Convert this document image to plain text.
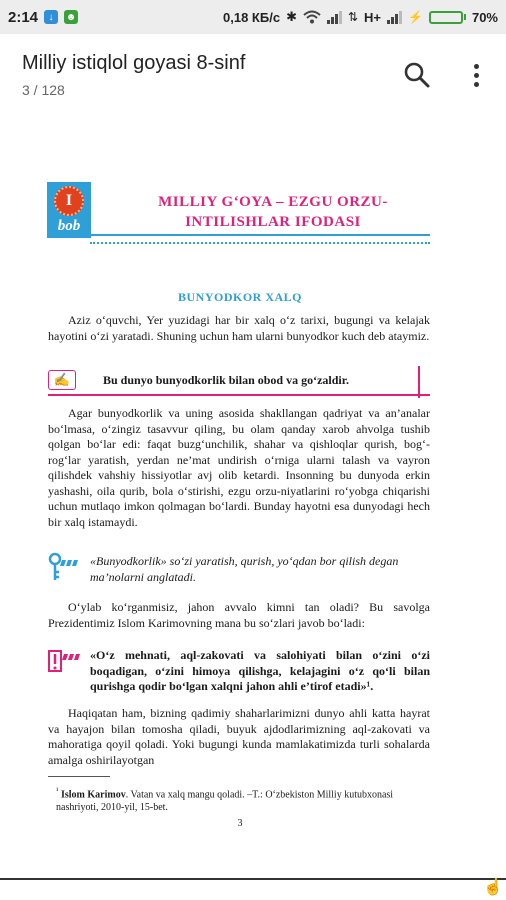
2:14	↓	☻	0,18 КБ/с ✱	⇅ H+ ⚡	70%
Milliy istiqlol goyasi 8-sinf
3 / 128
I
bob
MILLIY G‘OYA – EZGU ORZU-INTILISHLAR IFODASI
BUNYODKOR XALQ
Aziz o‘quvchi, Yer yuzidagi har bir xalq o‘z tarixi, bugungi va kelajak hayotini o‘zi yaratadi. Shuning uchun ham ularni bunyodkor kuch deb ataymiz.
✍	Bu dunyo bunyodkorlik bilan obod va go‘zaldir.
Agar bunyodkorlik va uning asosida shakllangan qadriyat va an’analar bo‘lmasa, o‘zingiz tasavvur qiling, bu olam qanday xarob ahvolga tushib qolgan bo‘lar edi: faqat buzg‘unchilik, shahar va qishloqlar qurish, bog‘-rog‘lar yaratish, yerdan ne’mat undirish o‘rniga ularni talash va vayron qilishdek vahshiy hissiyotlar avj olib ketardi. Insonning bu dunyoda erkin yashashi, oila qurib, bola o‘stirishi, ezgu orzu-niyatlarini ro‘yobga chiqarishi uchun mutlaqo imkon qolmagan bo‘lardi. Bunday hayotni esa dunyodagi hech bir xalq istamaydi.
«Bunyodkorlik» so‘zi yaratish, qurish, yo‘qdan bor qilish degan ma’nolarni anglatadi.
O‘ylab ko‘rganmisiz, jahon avvalo kimni tan oladi? Bu savolga Prezidentimiz Islom Karimovning mana bu so‘zlari javob bo‘ladi:
«O‘z mehnati, aql-zakovati va salohiyati bilan o‘zini o‘zi boqadigan, o‘zini himoya qilishga, kelajagini o‘z qo‘li bilan qurishga qodir bo‘lgan xalqni jahon ahli e’tirof etadi»¹.
Haqiqatan ham, bizning qadimiy shaharlarimizni dunyo ahli katta hayrat va hayajon bilan tomosha qiladi, buyuk ajdodlarimizning aql-zakovati va mahoratiga qoyil qoladi. Yoki bugungi kunda mamlakatimizda turli sohalarda amalga oshirilayotgan
$^{^1}$ Islom Karimov. Vatan va xalq mangu qoladi. –T.: O‘zbekiston Milliy kutubxonasi nashriyoti, 2010-yil, 15-bet.
3
☝
